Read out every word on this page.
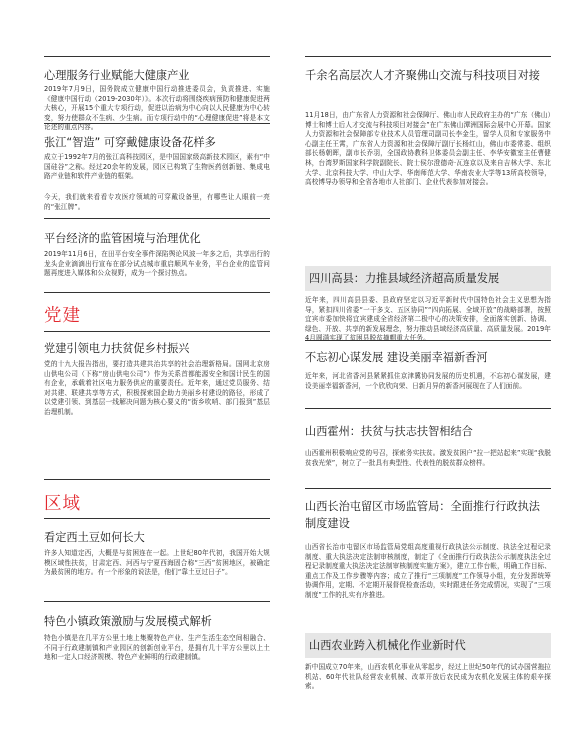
心理服务行业赋能大健康产业
2019年7月9日，国务院成立健康中国行动推进委员会，负责推进、实施《健康中国行动（2019-2030年）》。本次行动将围绕疾病预防和健康促进两大核心，开展15个重大专项行动，促进以治病为中心向以人民健康为中心转变，努力使群众不生病、少生病。而专项行动中的“心理健康促进”将是本文论述的重点内容。
张江“智造” 可穿戴健康设备花样多
成立于1992年7月的张江高科技园区，是中国国家级高新技术园区，素有“中国硅谷”之称。经过20余年的发展，园区已构筑了生物医药创新链、集成电路产业链和软件产业链的框架。
今天，我们就来看看专攻医疗领域的可穿戴设备里，有哪些让人眼前一亮的“张江牌”。
平台经济的监管困境与治理优化
2019年11月6日，在田平台安全事件深陷舆论风波一年多之后，共享出行的龙头企业滴滴出行宣布在部分试点城市重启顺风车业务，平台企业的监管问题再度进入媒体和公众视野，成为一个探讨热点。
党建
党建引领电力扶贫促乡村振兴
党的十九大报告指出，要打造共建共治共享的社会治理新格局。国网北京房山供电公司（下称“房山供电公司”）作为关系首都能源安全和国计民生的国有企业，承载着社区电力服务供应的重要责任。近年来，通过党员服务、结对共建、联建共享等方式，积极探索国企助力美丽乡村建设的路径，形成了以党建引领、到基层一线解决问题为核心要义的“街乡吹哨、部门报到”基层治理机制。
区域
看定西土豆如何长大
许多人知道定西，大概是与贫困连在一起。上世纪80年代初，我国开始大规模区域性扶贫，甘肃定西、河西与宁夏西海固合称“三西”贫困地区，被确定为最贫困的地方。有一个形象的说法是，他们“靠土豆过日子”。
特色小镇政策激励与发展模式解析
特色小镇是在几平方公里土地上集聚特色产业、生产生活生态空间相融合、不同于行政建制镇和产业园区的创新创业平台，是拥有几十平方公里以上土地和一定人口经济规模、特色产业鲜明的行政建制镇。
千余名高层次人才齐聚佛山交流与科技项目对接
11月18日，由广东省人力资源和社会保障厅、佛山市人民政府主办的“广东（佛山）博士和博士后人才交流与科技项目对接会”在广东佛山潭洲国际会展中心开幕。国家人力资源和社会保障部专业技术人员管理司副司长李金生，留学人员和专家服务中心副主任王霄，广东省人力资源和社会保障厅副厅长杨红山，佛山市委常委、组织部长杨朝晖，副市长乔羽，全国政协教科卫体委员会副主任、李华安徽室主任曹健林，台湾罗斯国家科学院副院长、院士侯尔澄德奇·瓦连京以及来自吉林大学、东北大学、北京科技大学、中山大学、华南师范大学、华南农业大学等13所高校领导，高校博导办领导和全省各地市人社部门、企业代表参加对接会。
四川高县：力推县域经济超高质量发展
近年来，四川高县县委、县政府坚定以习近平新时代中国特色社会主义思想为指导，紧扣四川省委“一干多支、五区协同”“四向拓展、全域开放”的战略部署，按照宜宾市委加快将宜宾建成全省经济第二极中心的决策安排，全面落实创新、协调、绿色、开放、共享的新发展理念，努力推动县域经济高质量、高质量发展。2019年4月圆满实现了贫困县脱贫摘帽重大任务。
不忘初心谋发展 建设美丽幸福新香河
近年来，河北省香河县紧紧抓住京津冀协同发展的历史机遇，不忘初心谋发展，建设美丽幸福新香河，一个欣欣向荣、日新月异的新香河展现在了人们面前。
山西霍州：扶贫与扶志扶智相结合
山西霍州积极响应党的号召，探索务实扶贫。激发贫困户“拉一把站起来”实现“我脱贫我光荣”，树立了一批具有典型性、代表性的脱贫群众榜样。
山西长治屯留区市场监管局：全面推行行政执法制度建设
山西省长治市屯留区市场监管局党组高度重视行政执法公示制度、执法全过程记录制度、重大执法决定法制审核制度，制定了《全面推行行政执法公示制度执法全过程记录制度重大执法决定法制审核制度实施方案》，建立工作台帐，明确工作目标、重点工作及工作步骤等内容；成立了推行“三项制度”工作领导小组，充分发挥统筹协调作用，定期、不定期开展督促检查活动，实时跟进任务完成情况，实现了“三项制度”工作的扎实有序推进。
山西农业跨入机械化作业新时代
新中国成立70年来，山西农机化事业从零起步，经过上世纪50年代的试办国营拖拉机站、60年代社队经营农业机械、改革开放后农民成为农机化发展主体的艰辛探索。
